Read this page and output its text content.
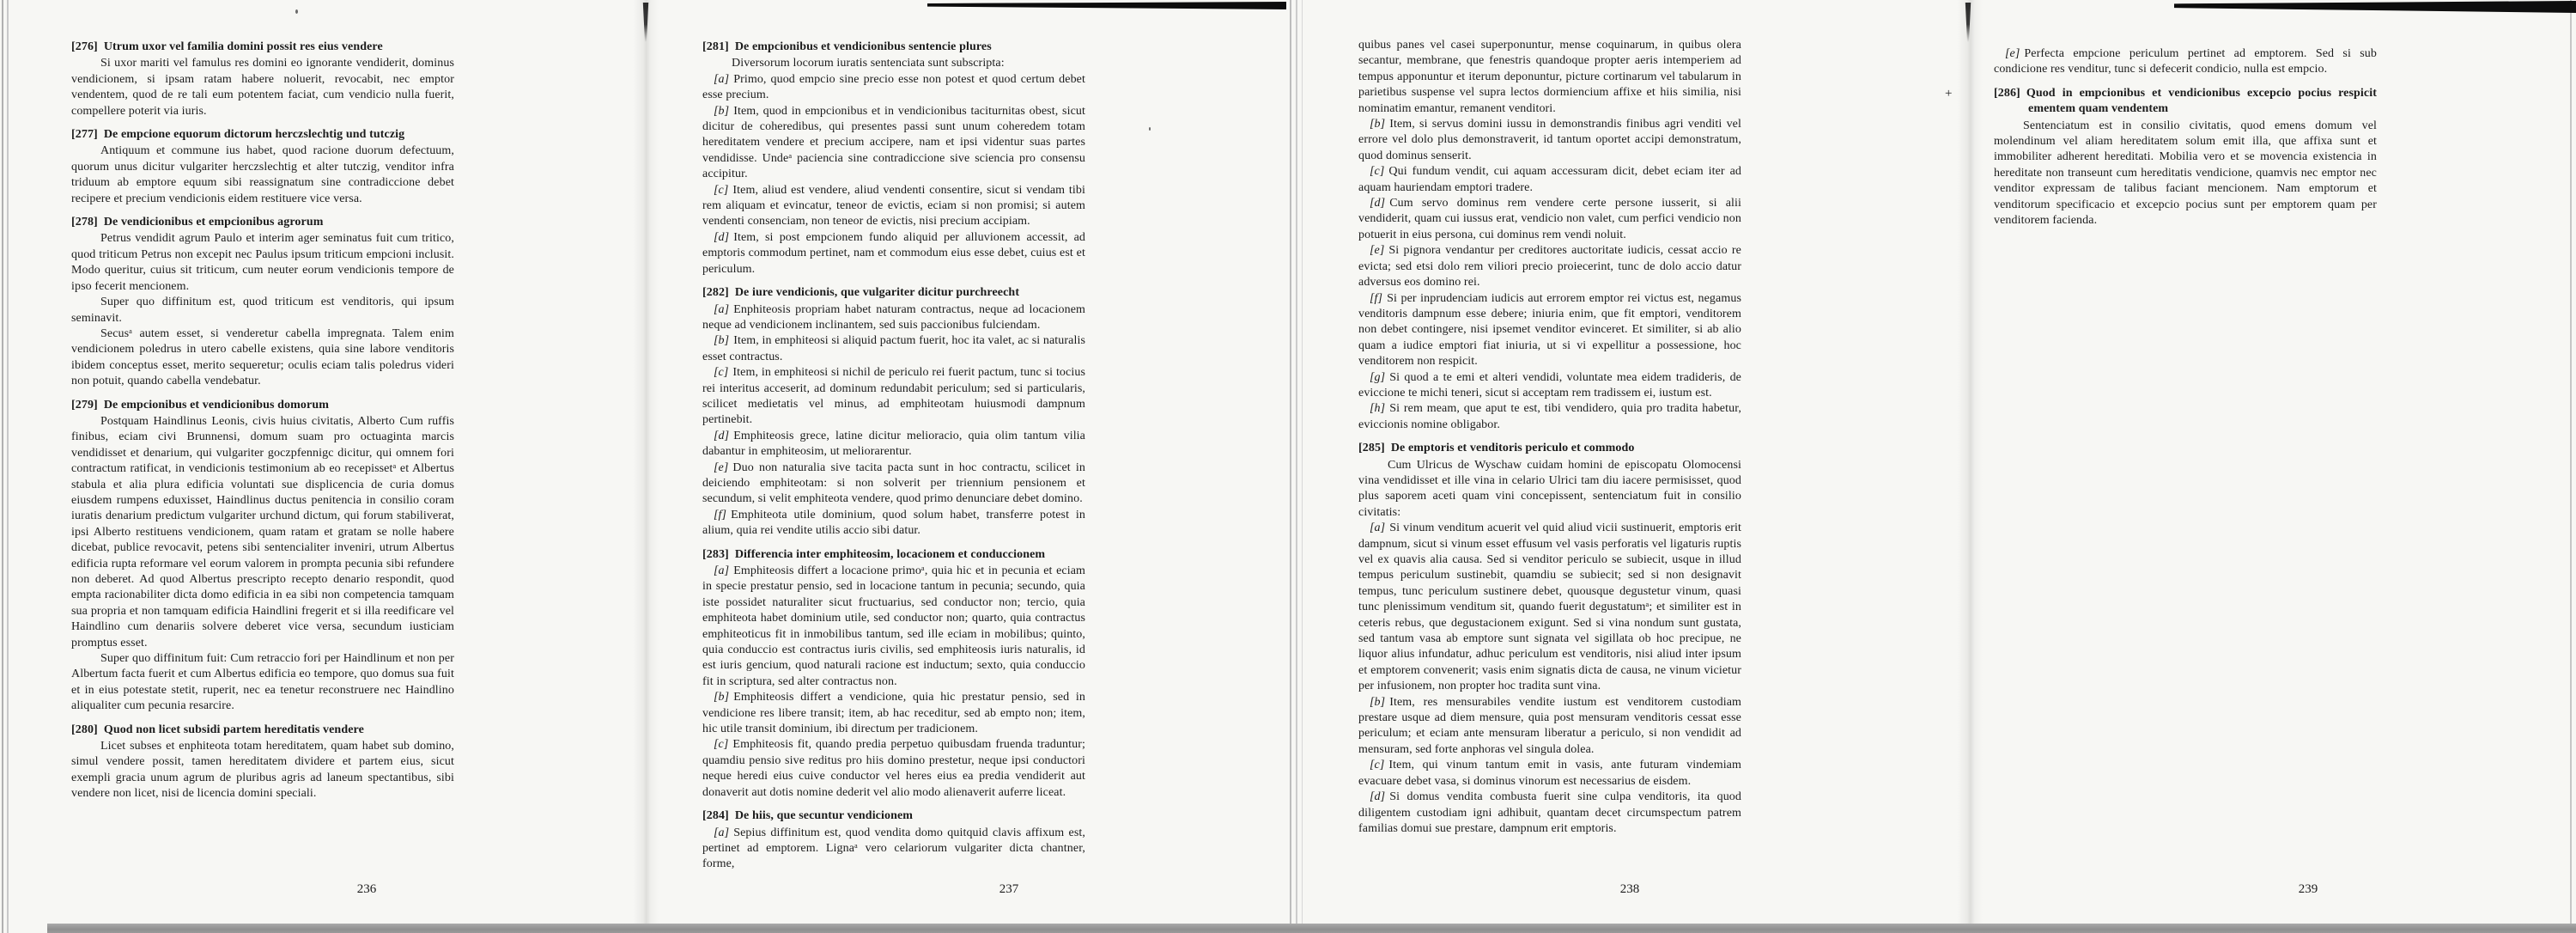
[276] Utrum uxor vel familia domini possit res eius vendere

Si uxor mariti vel famulus res domini eo ignorante vendiderit, dominus vendicionem, si ipsam ratam habere noluerit, revocabit, nec emptor vendentem, quod de re tali eum potentem faciat, cum vendicio nulla fuerit, compellere poterit via iuris.

[277] De empcione equorum dictorum herczslechtig und tutczig

Antiquum et commune ius habet, quod racione duorum defectuum, quorum unus dicitur vulgariter herczslechtig et alter tutczig, venditor infra triduum ab emptore equum sibi reassignatum sine contradiccione debet recipere et precium vendicionis eidem restituere vice versa.

[278] De vendicionibus et empcionibus agrorum

Petrus vendidit agrum Paulo et interim ager seminatus fuit cum tritico, quod triticum Petrus non excepit nec Paulus ipsum triticum empcioni inclusit. Modo queritur, cuius sit triticum, cum neuter eorum vendicionis tempore de ipso fecerit mencionem.

Super quo diffinitum est, quod triticum est venditoris, qui ipsum seminavit.

Secusᵃ autem esset, si venderetur cabella impregnata. Talem enim vendicionem poledrus in utero cabelle existens, quia sine labore venditoris ibidem conceptus esset, merito sequeretur; oculis eciam talis poledrus videri non potuit, quando cabella vendebatur.

[279] De empcionibus et vendicionibus domorum

Postquam Haindlinus Leonis, civis huius civitatis, Alberto Cum ruffis finibus, eciam civi Brunnensi, domum suam pro octuaginta marcis vendidisset et denarium, qui vulgariter goczpfennigc dicitur, qui omnem fori contractum ratificat, in vendicionis testimonium ab eo recepissetᵃ et Albertus stabula et alia plura edificia voluntati sue displicencia de curia domus eiusdem rumpens eduxisset, Haindlinus ductus penitencia in consilio coram iuratis denarium predictum vulgariter urchund dictum, qui forum stabiliverat, ipsi Alberto restituens vendicionem, quam ratam et gratam se nolle habere dicebat, publice revocavit, petens sibi sentencialiter inveniri, utrum Albertus edificia rupta reformare vel eorum valorem in prompta pecunia sibi refundere non deberet. Ad quod Albertus prescripto recepto denario respondit, quod empta racionabiliter dicta domo edificia in ea sibi non competencia tamquam sua propria et non tamquam edificia Haindlini fregerit et si illa reedificare vel Haindlino cum denariis solvere deberet vice versa, secundum iusticiam promptus esset.

Super quo diffinitum fuit: Cum retraccio fori per Haindlinum et non per Albertum facta fuerit et cum Albertus edificia eo tempore, quo domus sua fuit et in eius potestate stetit, ruperit, nec ea tenetur reconstruere nec Haindlino aliqualiter cum pecunia resarcire.

[280] Quod non licet subsidi partem hereditatis vendere

Licet subses et enphiteota totam hereditatem, quam habet sub domino, simul vendere possit, tamen hereditatem dividere et partem eius, sicut exempli gracia unum agrum de pluribus agris ad laneum spectantibus, sibi vendere non licet, nisi de licencia domini speciali.

[281] De empcionibus et vendicionibus sentencie plures

Diversorum locorum iuratis sentenciata sunt subscripta:

[a] Primo, quod empcio sine precio esse non potest et quod certum debet esse precium.

[b] Item, quod in empcionibus et in vendicionibus taciturnitas obest, sicut dicitur de coheredibus, qui presentes passi sunt unum coheredem totam hereditatem vendere et precium accipere, nam et ipsi videntur suas partes vendidisse. Undeᵃ paciencia sine contradiccione sive sciencia pro consensu accipitur.

[c] Item, aliud est vendere, aliud vendenti consentire, sicut si vendam tibi rem aliquam et evincatur, teneor de evictis, eciam si non promisi; si autem vendenti consenciam, non teneor de evictis, nisi precium accipiam.

[d] Item, si post empcionem fundo aliquid per alluvionem accessit, ad emptoris commodum pertinet, nam et commodum eius esse debet, cuius est et periculum.

[282] De iure vendicionis, que vulgariter dicitur purchreecht

[a] Enphiteosis propriam habet naturam contractus, neque ad locacionem neque ad vendicionem inclinantem, sed suis paccionibus fulciendam.

[b] Item, in emphiteosi si aliquid pactum fuerit, hoc ita valet, ac si naturalis esset contractus.

[c] Item, in emphiteosi si nichil de periculo rei fuerit pactum, tunc si tocius rei interitus acceserit, ad dominum redundabit periculum; sed si particularis, scilicet medietatis vel minus, ad emphiteotam huiusmodi dampnum pertinebit.

[d] Emphiteosis grece, latine dicitur melioracio, quia olim tantum vilia dabantur in emphiteosim, ut meliorarentur.

[e] Duo non naturalia sive tacita pacta sunt in hoc contractu, scilicet in deiciendo emphiteotam: si non solverit per triennium pensionem et secundum, si velit emphiteota vendere, quod primo denunciare debet domino.

[f] Emphiteota utile dominium, quod solum habet, transferre potest in alium, quia rei vendite utilis accio sibi datur.

[283] Differencia inter emphiteosim, locacionem et conduccionem

[a] Emphiteosis differt a locacione primoᵃ, quia hic et in pecunia et eciam in specie prestatur pensio, sed in locacione tantum in pecunia; secundo, quia iste possidet naturaliter sicut fructuarius, sed conductor non; tercio, quia emphiteota habet dominium utile, sed conductor non; quarto, quia contractus emphiteoticus fit in inmobilibus tantum, sed ille eciam in mobilibus; quinto, quia conduccio est contractus iuris civilis, sed emphiteosis iuris naturalis, id est iuris gencium, quod naturali racione est inductum; sexto, quia conduccio fit in scriptura, sed alter contractus non.

[b] Emphiteosis differt a vendicione, quia hic prestatur pensio, sed in vendicione res libere transit; item, ab hac receditur, sed ab empto non; item, hic utile transit dominium, ibi directum per tradicionem.

[c] Emphiteosis fit, quando predia perpetuo quibusdam fruenda traduntur; quamdiu pensio sive reditus pro hiis domino prestetur, neque ipsi conductori neque heredi eius cuive conductor vel heres eius ea predia vendiderit aut donaverit aut dotis nomine dederit vel alio modo alienaverit auferre liceat.

[284] De hiis, que secuntur vendicionem

[a] Sepius diffinitum est, quod vendita domo quitquid clavis affixum est, pertinet ad emptorem. Lignaᵃ vero celariorum vulgariter dicta chantner, forme,

quibus panes vel casei superponuntur, mense coquinarum, in quibus olera secantur, membrane, que fenestris quandoque propter aeris intemperiem ad tempus apponuntur et iterum deponuntur, picture cortinarum vel tabularum in parietibus suspense vel supra lectos dormiencium affixe et hiis similia, nisi nominatim emantur, remanent venditori.

[b] Item, si servus domini iussu in demonstrandis finibus agri venditi vel errore vel dolo plus demonstraverit, id tantum oportet accipi demonstratum, quod dominus senserit.

[c] Qui fundum vendit, cui aquam accessuram dicit, debet eciam iter ad aquam hauriendam emptori tradere.

[d] Cum servo dominus rem vendere certe persone iusserit, si alii vendiderit, quam cui iussus erat, vendicio non valet, cum perfici vendicio non potuerit in eius persona, cui dominus rem vendi noluit.

[e] Si pignora vendantur per creditores auctoritate iudicis, cessat accio re evicta; sed etsi dolo rem viliori precio proiecerint, tunc de dolo accio datur adversus eos domino rei.

[f] Si per inprudenciam iudicis aut errorem emptor rei victus est, negamus venditoris dampnum esse debere; iniuria enim, que fit emptori, venditorem non debet contingere, nisi ipsemet venditor evinceret. Et similiter, si ab alio quam a iudice emptori fiat iniuria, ut si vi expellitur a possessione, hoc venditorem non respicit.

[g] Si quod a te emi et alteri vendidi, voluntate mea eidem tradideris, de eviccione te michi teneri, sicut si acceptam rem tradissem ei, iustum est.

[h] Si rem meam, que aput te est, tibi vendidero, quia pro tradita habetur, eviccionis nomine obligabor.

[285] De emptoris et venditoris periculo et commodo

Cum Ulricus de Wyschaw cuidam homini de episcopatu Olomocensi vina vendidisset et ille vina in celario Ulrici tam diu iacere permisisset, quod plus saporem aceti quam vini concepissent, sentenciatum fuit in consilio civitatis:

[a] Si vinum venditum acuerit vel quid aliud vicii sustinuerit, emptoris erit dampnum, sicut si vinum esset effusum vel vasis perforatis vel ligaturis ruptis vel ex quavis alia causa. Sed si venditor periculo se subiecit, usque in illud tempus periculum sustinebit, quamdiu se subiecit; sed si non designavit tempus, tunc periculum sustinere debet, quousque degustetur vinum, quasi tunc plenissimum venditum sit, quando fuerit degustatumᵃ; et similiter est in ceteris rebus, que degustacionem exigunt. Sed si vina nondum sunt gustata, sed tantum vasa ab emptore sunt signata vel sigillata ob hoc precipue, ne liquor alius infundatur, adhuc periculum est venditoris, nisi aliud inter ipsum et emptorem convenerit; vasis enim signatis dicta de causa, ne vinum vicietur per infusionem, non propter hoc tradita sunt vina.

[b] Item, res mensurabiles vendite iustum est venditorem custodiam prestare usque ad diem mensure, quia post mensuram venditoris cessat esse periculum; et eciam ante mensuram liberatur a periculo, si non vendidit ad mensuram, sed forte anphoras vel singula dolea.

[c] Item, qui vinum tantum emit in vasis, ante futuram vindemiam evacuare debet vasa, si dominus vinorum est necessarius de eisdem.

[d] Si domus vendita combusta fuerit sine culpa venditoris, ita quod diligentem custodiam igni adhibuit, quantam decet circumspectum patrem familias domui sue prestare, dampnum erit emptoris.

[e] Perfecta empcione periculum pertinet ad emptorem. Sed si sub condicione res venditur, tunc si defecerit condicio, nulla est empcio.

+	[286] Quod in empcionibus et vendicionibus excepcio pocius respicit ementem quam vendentem

Sentenciatum est in consilio civitatis, quod emens domum vel molendinum vel aliam hereditatem solum emit illa, que affixa sunt et immobiliter adherent hereditati. Mobilia vero et se movencia existencia in hereditate non transeunt cum hereditatis vendicione, quamvis nec emptor nec venditor expressam de talibus faciant mencionem. Nam emptorum et venditorum specificacio et excepcio pocius sunt per emptorem quam per venditorem facienda.

236	237	238	239
